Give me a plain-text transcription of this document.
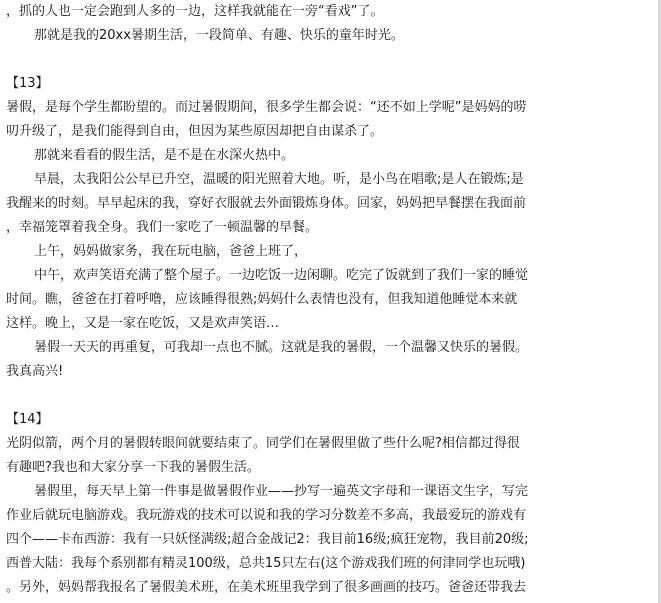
，抓的人也一定会跑到人多的一边，这样我就能在一旁“看戏”了。
那就是我的20xx暑期生活，一段简单、有趣、快乐的童年时光。
【13】
暑假，是每个学生都盼望的。而过暑假期间，很多学生都会说：“还不如上学呢”是妈妈的唠
叨升级了，是我们能得到自由，但因为某些原因却把自由谋杀了。
那就来看看的假生活，是不是在水深火热中。
早晨，太我阳公公早已升空，温暖的阳光照着大地。听，是小鸟在唱歌;是人在锻炼;是
我醒来的时刻。早早起床的我，穿好衣服就去外面锻炼身体。回家，妈妈把早餐摆在我面前
，幸福笼罩着我全身。我们一家吃了一顿温馨的早餐。
上午，妈妈做家务，我在玩电脑，爸爸上班了，
中午，欢声笑语充满了整个屋子。一边吃饭一边闲聊。吃完了饭就到了我们一家的睡觉
时间。瞧，爸爸在打着呼噜，应该睡得很熟;妈妈什么表情也没有，但我知道他睡觉本来就
这样。晚上，又是一家在吃饭，又是欢声笑语…
暑假一天天的再重复，可我却一点也不腻。这就是我的暑假，一个温馨又快乐的暑假。
我真高兴!
【14】
光阴似箭，两个月的暑假转眼间就要结束了。同学们在暑假里做了些什么呢?相信都过得很
有趣吧?我也和大家分享一下我的暑假生活。
暑假里，每天早上第一件事是做暑假作业——抄写一遍英文字母和一课语文生字，写完
作业后就玩电脑游戏。我玩游戏的技术可以说和我的学习分数差不多高，我最爱玩的游戏有
四个——卡布西游：我有一只妖怪满级;超合金战记2：我目前16级;疯狂宠物，我目前20级;
西普大陆：我每个系别都有精灵100级，总共15只左右(这个游戏我们班的何津同学也玩哦)
。另外，妈妈帮我报名了暑假美术班，在美术班里我学到了很多画画的技巧。爸爸还带我去
